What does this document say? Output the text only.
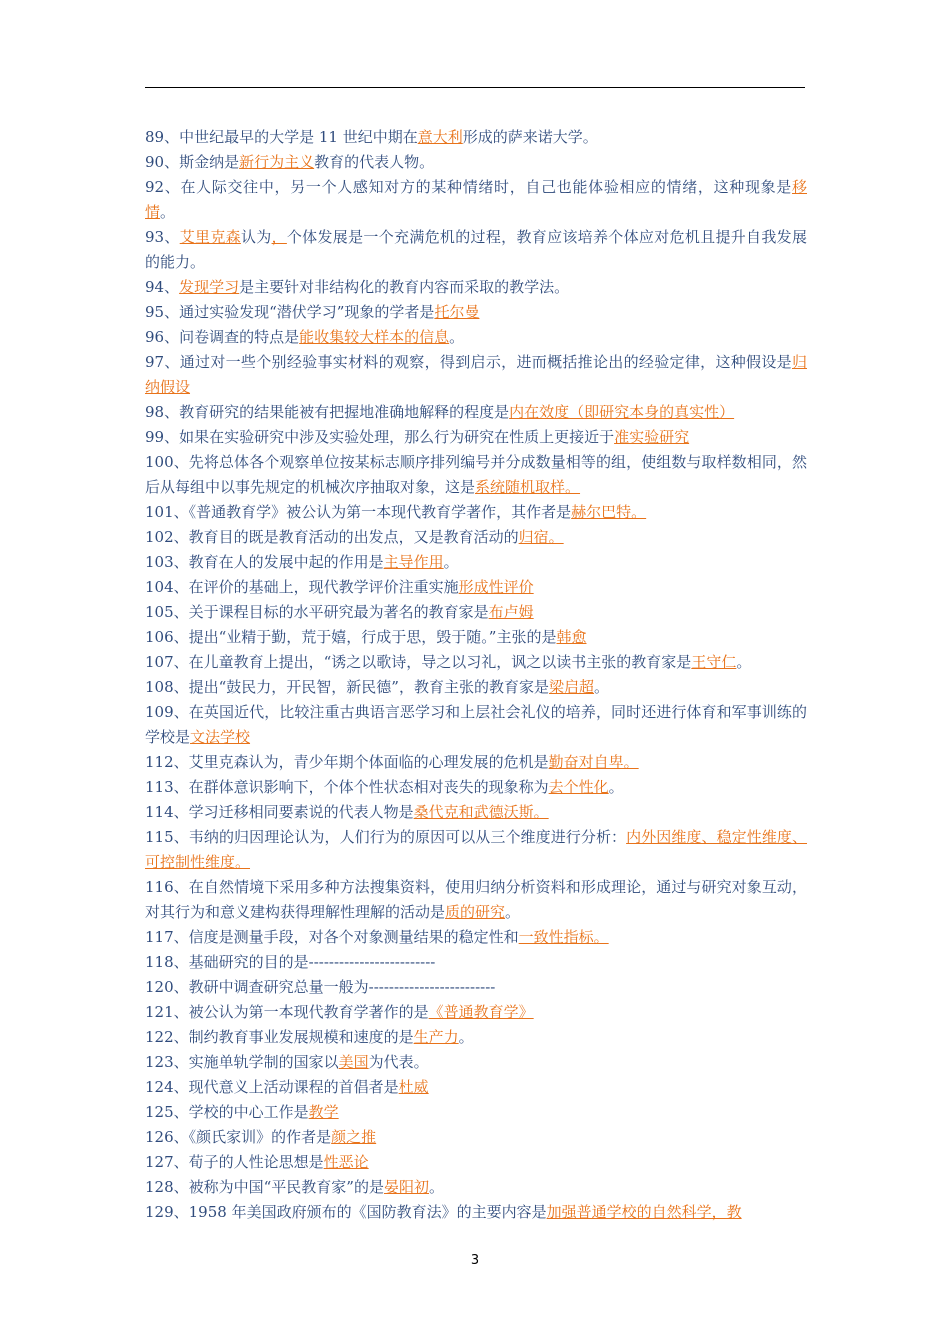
89、中世纪最早的大学是 11 世纪中期在意大利形成的萨来诺大学。
90、斯金纳是新行为主义教育的代表人物。
92、在人际交往中，另一个人感知对方的某种情绪时，自己也能体验相应的情绪，这种现象是移情。
93、艾里克森认为，个体发展是一个充满危机的过程，教育应该培养个体应对危机且提升自我发展的能力。
94、发现学习是主要针对非结构化的教育内容而采取的教学法。
95、通过实验发现“潜伏学习”现象的学者是托尔曼
96、问卷调查的特点是能收集较大样本的信息。
97、通过对一些个别经验事实材料的观察，得到启示，进而概括推论出的经验定律，这种假设是归纳假设
98、教育研究的结果能被有把握地准确地解释的程度是内在效度（即研究本身的真实性）
99、如果在实验研究中涉及实验处理，那么行为研究在性质上更接近于准实验研究
100、先将总体各个观察单位按某标志顺序排列编号并分成数量相等的组，使组数与取样数相同，然后从每组中以事先规定的机械次序抽取对象，这是系统随机取样。
101、《普通教育学》被公认为第一本现代教育学著作，其作者是赫尔巴特。
102、教育目的既是教育活动的出发点，又是教育活动的归宿。
103、教育在人的发展中起的作用是主导作用。
104、在评价的基础上，现代教学评价注重实施形成性评价
105、关于课程目标的水平研究最为著名的教育家是布卢姆
106、提出“业精于勤，荒于嬉，行成于思，毁于随。”主张的是韩愈
107、在儿童教育上提出，“诱之以歌诗，导之以习礼，讽之以读书主张的教育家是王守仁。
108、提出“鼓民力，开民智，新民德”，教育主张的教育家是梁启超。
109、在英国近代，比较注重古典语言恶学习和上层社会礼仪的培养，同时还进行体育和军事训练的学校是文法学校
112、艾里克森认为，青少年期个体面临的心理发展的危机是勤奋对自卑。
113、在群体意识影响下，个体个性状态相对丧失的现象称为去个性化。
114、学习迁移相同要素说的代表人物是桑代克和武德沃斯。
115、韦纳的归因理论认为，人们行为的原因可以从三个维度进行分析：内外因维度、稳定性维度、可控制性维度。
116、在自然情境下采用多种方法搜集资料，使用归纳分析资料和形成理论，通过与研究对象互动，对其行为和意义建构获得理解性理解的活动是质的研究。
117、信度是测量手段，对各个对象测量结果的稳定性和一致性指标。
118、基础研究的目的是-------------------------
120、教研中调查研究总量一般为-------------------------
121、被公认为第一本现代教育学著作的是《普通教育学》
122、制约教育事业发展规模和速度的是生产力。
123、实施单轨学制的国家以美国为代表。
124、现代意义上活动课程的首倡者是杜威
125、学校的中心工作是教学
126、《颜氏家训》的作者是颜之推
127、荀子的人性论思想是性恶论
128、被称为中国“平民教育家”的是晏阳初。
129、1958 年美国政府颁布的《国防教育法》的主要内容是加强普通学校的自然科学，教
3
